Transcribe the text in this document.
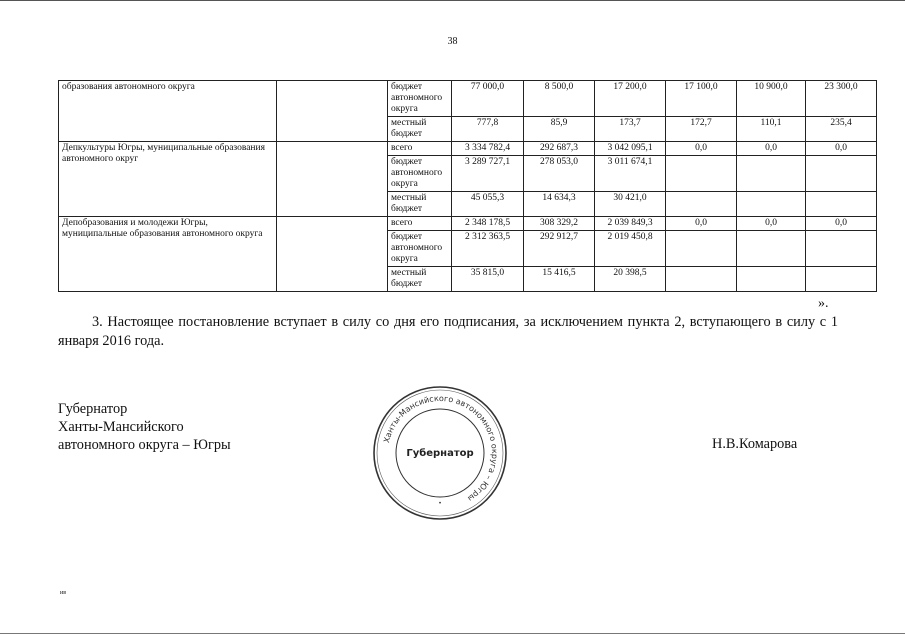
38
образования автономного округа		бюджет автономного округа	77 000,0	8 500,0	17 200,0	17 100,0	10 900,0	23 300,0
		местный бюджет	777,8	85,9	173,7	172,7	110,1	235,4
Депкультуры Югры, муниципальные образования автономного округ		всего	3 334 782,4	292 687,3	3 042 095,1	0,0	0,0	0,0
		бюджет автономного округа	3 289 727,1	278 053,0	3 011 674,1			
		местный бюджет	45 055,3	14 634,3	30 421,0			
Депобразования и молодежи Югры, муниципальные образования автономного округа		всего	2 348 178,5	308 329,2	2 039 849,3	0,0	0,0	0,0
		бюджет автономного округа	2 312 363,5	292 912,7	2 019 450,8			
		местный бюджет	35 815,0	15 416,5	20 398,5			
».
3. Настоящее постановление вступает в силу со дня его подписания, за исключением пункта 2, вступающего в силу с 1 января 2016 года.
Губернатор
Ханты-Мансийского
автономного округа – Югры	Ханты-Мансийского автономного округа – Югры
Губернатор
•
Н.В.Комарова
ив
